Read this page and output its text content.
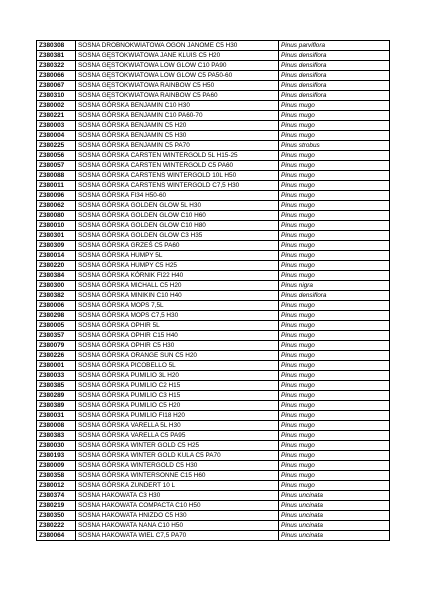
Z380308	SOSNA DROBNOKWIATOWA OGON JANOME C5 H30	Pinus parviflora
Z380381	SOSNA GĘSTOKWIATOWA JANE KLUIS C5 H20	Pinus densiflora
Z380322	SOSNA GĘSTOKWIATOWA LOW GLOW C10 PA90	Pinus densiflora
Z380066	SOSNA GĘSTOKWIATOWA LOW GLOW C5 PA50-60	Pinus densiflora
Z380067	SOSNA GĘSTOKWIATOWA RAINBOW C5 H50	Pinus densiflora
Z380310	SOSNA GĘSTOKWIATOWA RAINBOW C5 PA60	Pinus densiflora
Z380002	SOSNA GÓRSKA BENJAMIN C10 H30	Pinus mugo
Z380221	SOSNA GÓRSKA BENJAMIN C10 PA60-70	Pinus mugo
Z380003	SOSNA GÓRSKA BENJAMIN C5 H20	Pinus mugo
Z380004	SOSNA GÓRSKA BENJAMIN C5 H30	Pinus mugo
Z380225	SOSNA GÓRSKA BENJAMIN C5 PA70	Pinus strobus
Z380056	SOSNA GÓRSKA CARSTEN WINTERGOLD 5L H15-25	Pinus mugo
Z380057	SOSNA GÓRSKA CARSTEN WINTERGOLD C5 PA60	Pinus mugo
Z380088	SOSNA GÓRSKA CARSTENS WINTERGOLD 10L H50	Pinus mugo
Z380011	SOSNA GÓRSKA CARSTENS WINTERGOLD C7,5 H30	Pinus mugo
Z380096	SOSNA GÓRSKA FI34 H50-60	Pinus mugo
Z380062	SOSNA GÓRSKA GOLDEN GLOW 5L H30	Pinus mugo
Z380080	SOSNA GÓRSKA GOLDEN GLOW C10 H60	Pinus mugo
Z380010	SOSNA GÓRSKA GOLDEN GLOW C10 H80	Pinus mugo
Z380301	SOSNA GÓRSKA GOLDEN GLOW C3 H35	Pinus mugo
Z380309	SOSNA GÓRSKA GRZEŚ C5 PA60	Pinus mugo
Z380014	SOSNA GÓRSKA HUMPY 5L	Pinus mugo
Z380220	SOSNA GÓRSKA HUMPY C5 H25	Pinus mugo
Z380384	SOSNA GÓRSKA KÓRNIK FI22 H40	Pinus mugo
Z380300	SOSNA GÓRSKA MICHALL C5 H20	Pinus nigra
Z380382	SOSNA GÓRSKA MINIKIN C10 H40	Pinus densiflora
Z380006	SOSNA GÓRSKA MOPS 7,5L	Pinus mugo
Z380298	SOSNA GÓRSKA MOPS C7,5 H30	Pinus mugo
Z380005	SOSNA GÓRSKA OPHIR 5L	Pinus mugo
Z380357	SOSNA GÓRSKA OPHIR C15 H40	Pinus mugo
Z380079	SOSNA GÓRSKA OPHIR C5 H30	Pinus mugo
Z380226	SOSNA GÓRSKA ORANGE SUN C5 H20	Pinus mugo
Z380001	SOSNA GÓRSKA PICOBELLO 5L	Pinus mugo
Z380033	SOSNA GÓRSKA PUMILIO 3L H20	Pinus mugo
Z380385	SOSNA GÓRSKA PUMILIO C2 H15	Pinus mugo
Z380289	SOSNA GÓRSKA PUMILIO C3 H15	Pinus mugo
Z380389	SOSNA GÓRSKA PUMILIO C5 H20	Pinus mugo
Z380031	SOSNA GÓRSKA PUMILIO FI18 H20	Pinus mugo
Z380008	SOSNA GÓRSKA VARELLA 5L H30	Pinus mugo
Z380383	SOSNA GÓRSKA VARELLA C5 PA95	Pinus mugo
Z380030	SOSNA GÓRSKA WINTER GOLD C5 H25	Pinus mugo
Z380193	SOSNA GÓRSKA WINTER GOLD KULA C5 PA70	Pinus mugo
Z380009	SOSNA GÓRSKA WINTERGOLD C5 H30	Pinus mugo
Z380358	SOSNA GÓRSKA WINTERSONNE C15 H60	Pinus mugo
Z380012	SOSNA GÓRSKA ZUNDERT 10 L	Pinus mugo
Z380374	SOSNA HAKOWATA C3 H30	Pinus uncinata
Z380219	SOSNA HAKOWATA COMPACTA C10 H50	Pinus uncinata
Z380350	SOSNA HAKOWATA HNIZDO C5 H30	Pinus uncinata
Z380222	SOSNA HAKOWATA NANA C10 H50	Pinus uncinata
Z380064	SOSNA HAKOWATA WIEL C7,5 PA70	Pinus uncinata
